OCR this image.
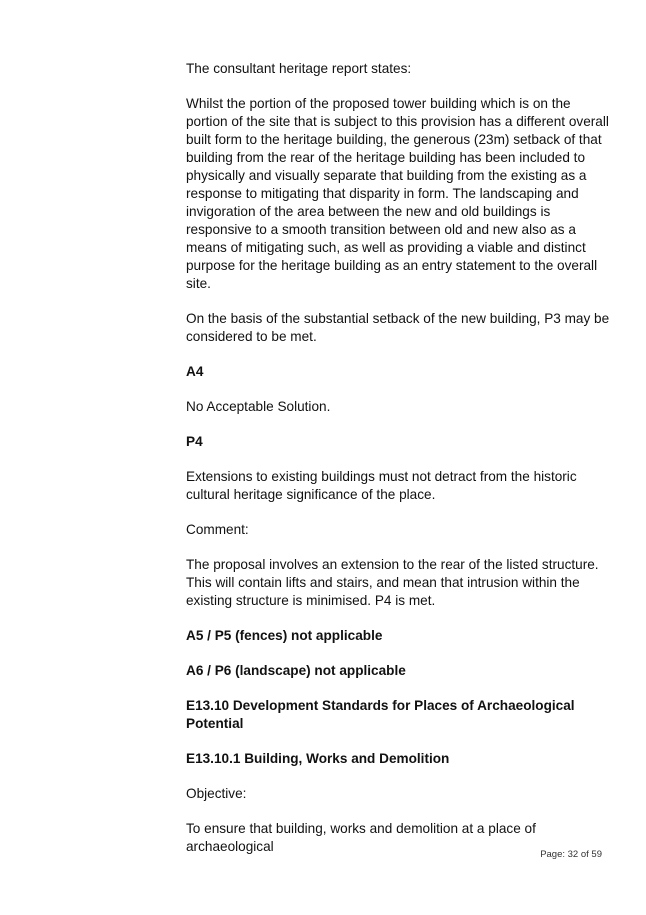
The consultant heritage report states:

Whilst the portion of the proposed tower building which is on the portion of the site that is subject to this provision has a different overall built form to the heritage building, the generous (23m) setback of that building from the rear of the heritage building has been included to physically and visually separate that building from the existing as a response to mitigating that disparity in form. The landscaping and invigoration of the area between the new and old buildings is responsive to a smooth transition between old and new also as a means of mitigating such, as well as providing a viable and distinct purpose for the heritage building as an entry statement to the overall site.

On the basis of the substantial setback of the new building, P3 may be considered to be met.

A4

No Acceptable Solution.

P4

Extensions to existing buildings must not detract from the historic cultural heritage significance of the place.

Comment:

The proposal involves an extension to the rear of the listed structure. This will contain lifts and stairs, and mean that intrusion within the existing structure is minimised. P4 is met.

A5 / P5 (fences) not applicable

A6 / P6 (landscape) not applicable

E13.10 Development Standards for Places of Archaeological Potential

E13.10.1 Building, Works and Demolition

Objective:

To ensure that building, works and demolition at a place of archaeological

Page: 32 of 59
